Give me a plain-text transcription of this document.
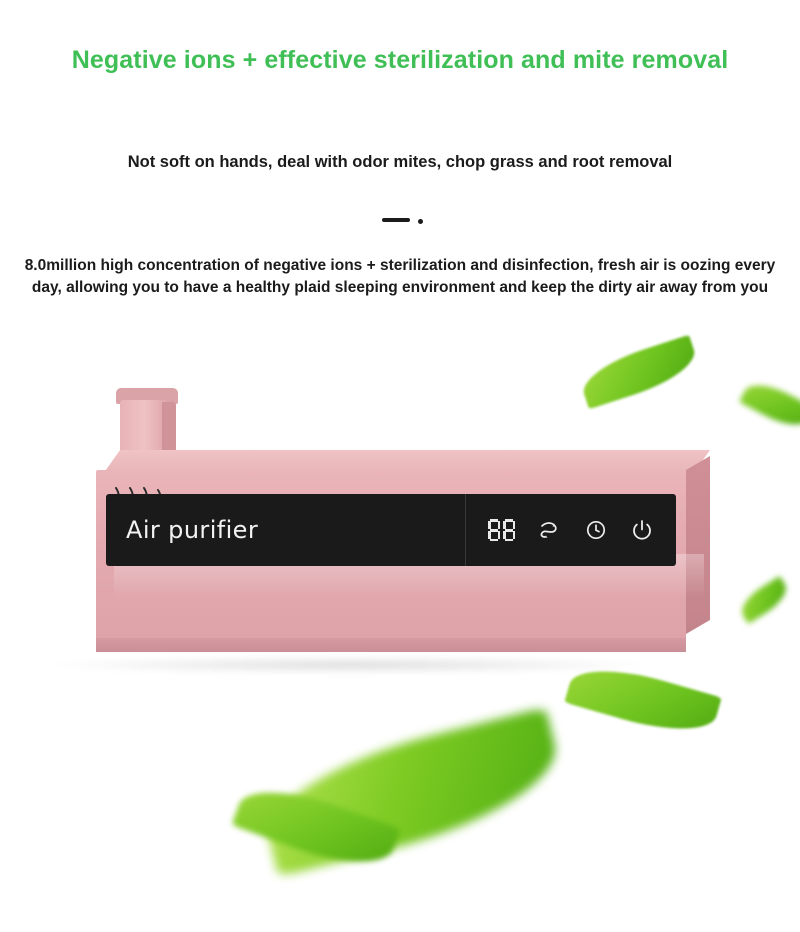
Negative ions + effective sterilization and mite removal
Not soft on hands, deal with odor mites, chop grass and root removal
8.0million high concentration of negative ions + sterilization and disinfection, fresh air is oozing every day, allowing you to have a healthy plaid sleeping environment and keep the dirty air away from you
Air purifier
